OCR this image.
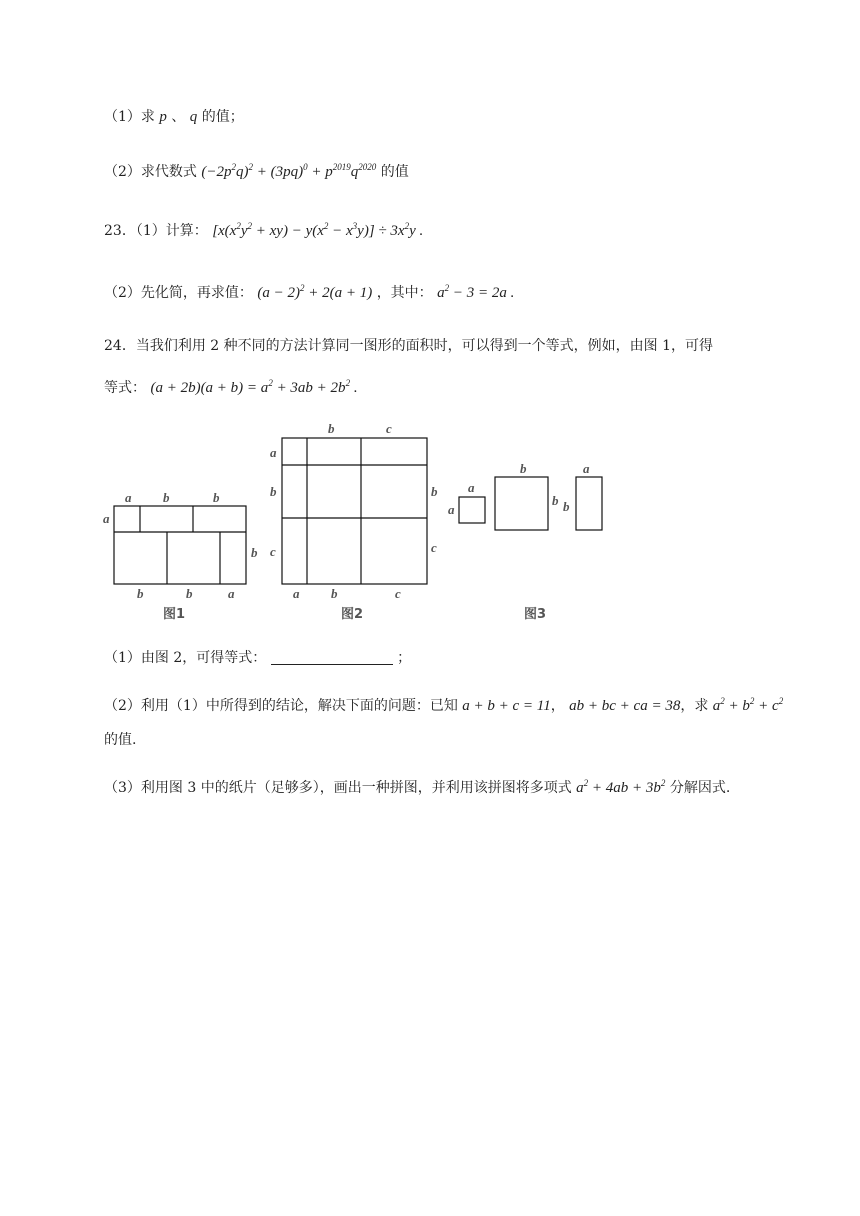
（1）求 p 、 q 的值；
（2）求代数式 $(-2p^2q)^2 + (3pq)^0 + p^{2019}q^{2020}$ 的值
23．（1）计算： $[x(x^2y^2 + xy) - y(x^2 - x^3y)] \div 3x^2y$ .
（2）先化简，再求值： $(a - 2)^2 + 2(a + 1)$ ，其中： $a^2 - 3 = 2a$ .
24．当我们利用 2 种不同的方法计算同一图形的面积时，可以得到一个等式，例如，由图 1，可得
等式： $(a + 2b)(a + b) = a^2 + 3ab + 2b^2$ .
a b	b
a
b
b	b	a
图1
b	c
a
b
c
b
c
a b	c
图2
a
a
b
b
a
b
图3
（1）由图 2，可得等式：	；
（2）利用（1）中所得到的结论，解决下面的问题：已知 a + b + c = 11， ab + bc + ca = 38，求 $a^2 + b^2 + c^2$
的值.
（3）利用图 3 中的纸片（足够多），画出一种拼图，并利用该拼图将多项式 $a^2 + 4ab + 3b^2$ 分解因式.
